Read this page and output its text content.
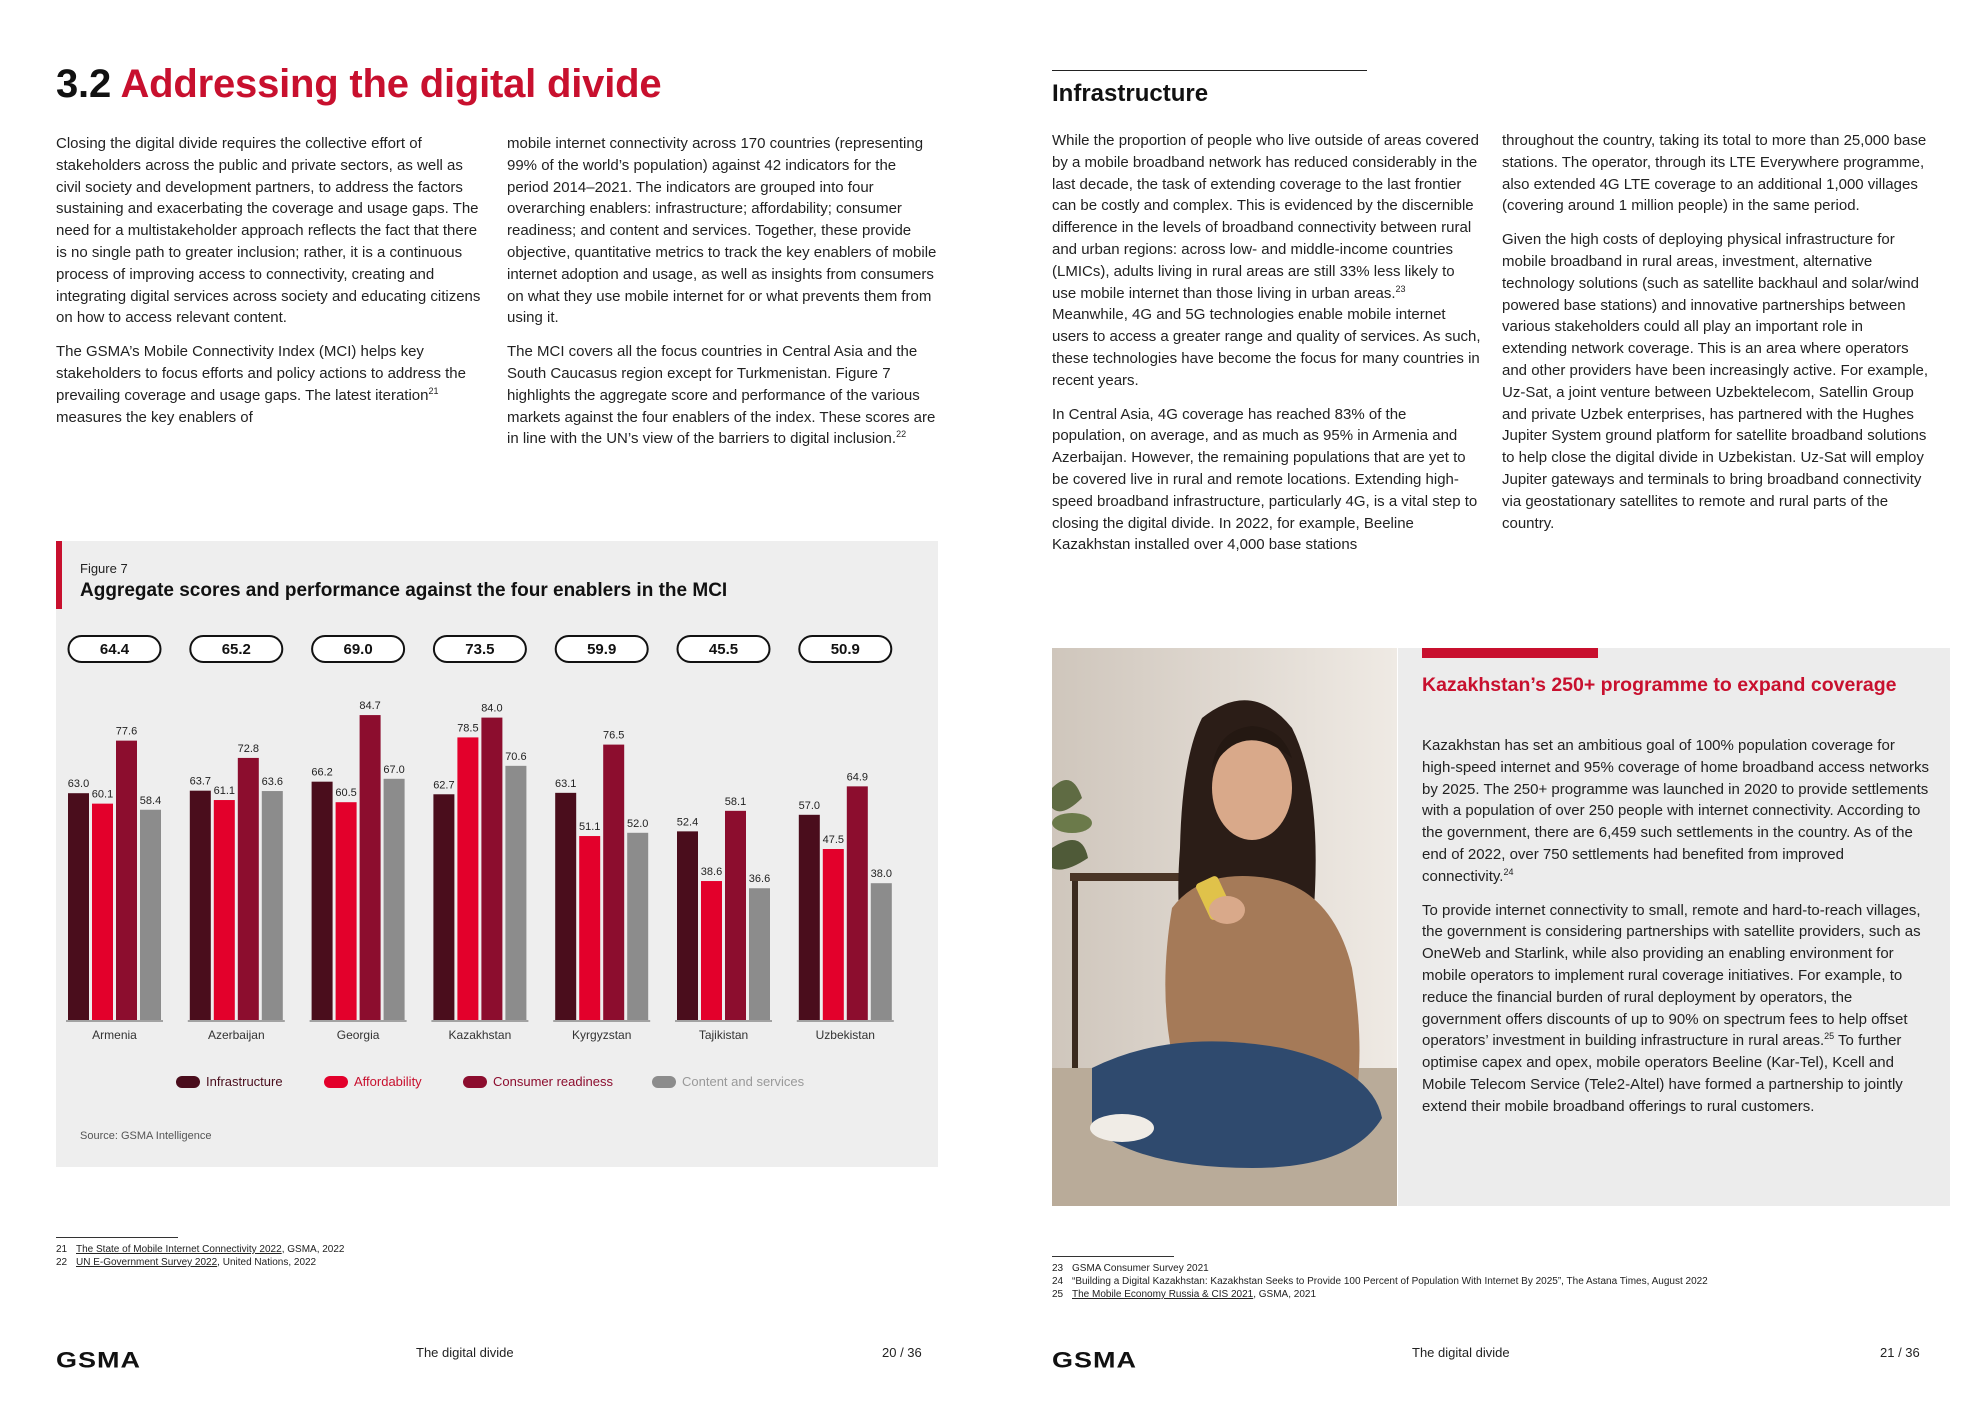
3.2 Addressing the digital divide

Closing the digital divide requires the collective effort of stakeholders across the public and private sectors, as well as civil society and development partners, to address the factors sustaining and exacerbating the coverage and usage gaps. The need for a multistakeholder approach reflects the fact that there is no single path to greater inclusion; rather, it is a continuous process of improving access to connectivity, creating and integrating digital services across society and educating citizens on how to access relevant content.

The GSMA’s Mobile Connectivity Index (MCI) helps key stakeholders to focus efforts and policy actions to address the prevailing coverage and usage gaps. The latest iteration$^{21}$ measures the key enablers of

mobile internet connectivity across 170 countries (representing 99% of the world’s population) against 42 indicators for the period 2014–2021. The indicators are grouped into four overarching enablers: infrastructure; affordability; consumer readiness; and content and services. Together, these provide objective, quantitative metrics to track the key enablers of mobile internet adoption and usage, as well as insights from consumers on what they use mobile internet for or what prevents them from using it.

The MCI covers all the focus countries in Central Asia and the South Caucasus region except for Turkmenistan. Figure 7 highlights the aggregate score and performance of the various markets against the four enablers of the index. These scores are in line with the UN’s view of the barriers to digital inclusion.$^{22}$

Figure 7
Aggregate scores and performance against the four enablers in the MCI
64.4
63.0
60.1
77.6
58.4
Armenia
65.2
63.7
61.1
72.8
63.6
Azerbaijan
69.0
66.2
60.5
84.7
67.0
Georgia
73.5
62.7
78.5
84.0
70.6
Kazakhstan
59.9
63.1
51.1
76.5
52.0
Kyrgyzstan
45.5
52.4
38.6
58.1
36.6
Tajikistan
50.9
57.0
47.5
64.9
38.0
Uzbekistan
Infrastructure	Affordability	Consumer readiness	Content and services
Source: GSMA Intelligence
21 The State of Mobile Internet Connectivity 2022, GSMA, 2022
22 UN E-Government Survey 2022, United Nations, 2022
GSMA	The digital divide	20 / 36
Infrastructure

While the proportion of people who live outside of areas covered by a mobile broadband network has reduced considerably in the last decade, the task of extending coverage to the last frontier can be costly and complex. This is evidenced by the discernible difference in the levels of broadband connectivity between rural and urban regions: across low- and middle-income countries (LMICs), adults living in rural areas are still 33% less likely to use mobile internet than those living in urban areas.$^{23}$ Meanwhile, 4G and 5G technologies enable mobile internet users to access a greater range and quality of services. As such, these technologies have become the focus for many countries in recent years.

In Central Asia, 4G coverage has reached 83% of the population, on average, and as much as 95% in Armenia and Azerbaijan. However, the remaining populations that are yet to be covered live in rural and remote locations. Extending high-speed broadband infrastructure, particularly 4G, is a vital step to closing the digital divide. In 2022, for example, Beeline Kazakhstan installed over 4,000 base stations

throughout the country, taking its total to more than 25,000 base stations. The operator, through its LTE Everywhere programme, also extended 4G LTE coverage to an additional 1,000 villages (covering around 1 million people) in the same period.

Given the high costs of deploying physical infrastructure for mobile broadband in rural areas, investment, alternative technology solutions (such as satellite backhaul and solar/wind powered base stations) and innovative partnerships between various stakeholders could all play an important role in extending network coverage. This is an area where operators and other providers have been increasingly active. For example, Uz-Sat, a joint venture between Uzbektelecom, Satellin Group and private Uzbek enterprises, has partnered with the Hughes Jupiter System ground platform for satellite broadband solutions to help close the digital divide in Uzbekistan. Uz-Sat will employ Jupiter gateways and terminals to bring broadband connectivity via geostationary satellites to remote and rural parts of the country.

Kazakhstan’s 250+ programme to expand coverage

Kazakhstan has set an ambitious goal of 100% population coverage for high-speed internet and 95% coverage of home broadband access networks by 2025. The 250+ programme was launched in 2020 to provide settlements with a population of over 250 people with internet connectivity. According to the government, there are 6,459 such settlements in the country. As of the end of 2022, over 750 settlements had benefited from improved connectivity.$^{24}$

To provide internet connectivity to small, remote and hard-to-reach villages, the government is considering partnerships with satellite providers, such as OneWeb and Starlink, while also providing an enabling environment for mobile operators to implement rural coverage initiatives. For example, to reduce the financial burden of rural deployment by operators, the government offers discounts of up to 90% on spectrum fees to help offset operators’ investment in building infrastructure in rural areas.$^{25}$ To further optimise capex and opex, mobile operators Beeline (Kar-Tel), Kcell and Mobile Telecom Service (Tele2-Altel) have formed a partnership to jointly extend their mobile broadband offerings to rural customers.

23 GSMA Consumer Survey 2021
24 “Building a Digital Kazakhstan: Kazakhstan Seeks to Provide 100 Percent of Population With Internet By 2025”, The Astana Times, August 2022
25 The Mobile Economy Russia & CIS 2021, GSMA, 2021
GSMA	The digital divide	21 / 36
